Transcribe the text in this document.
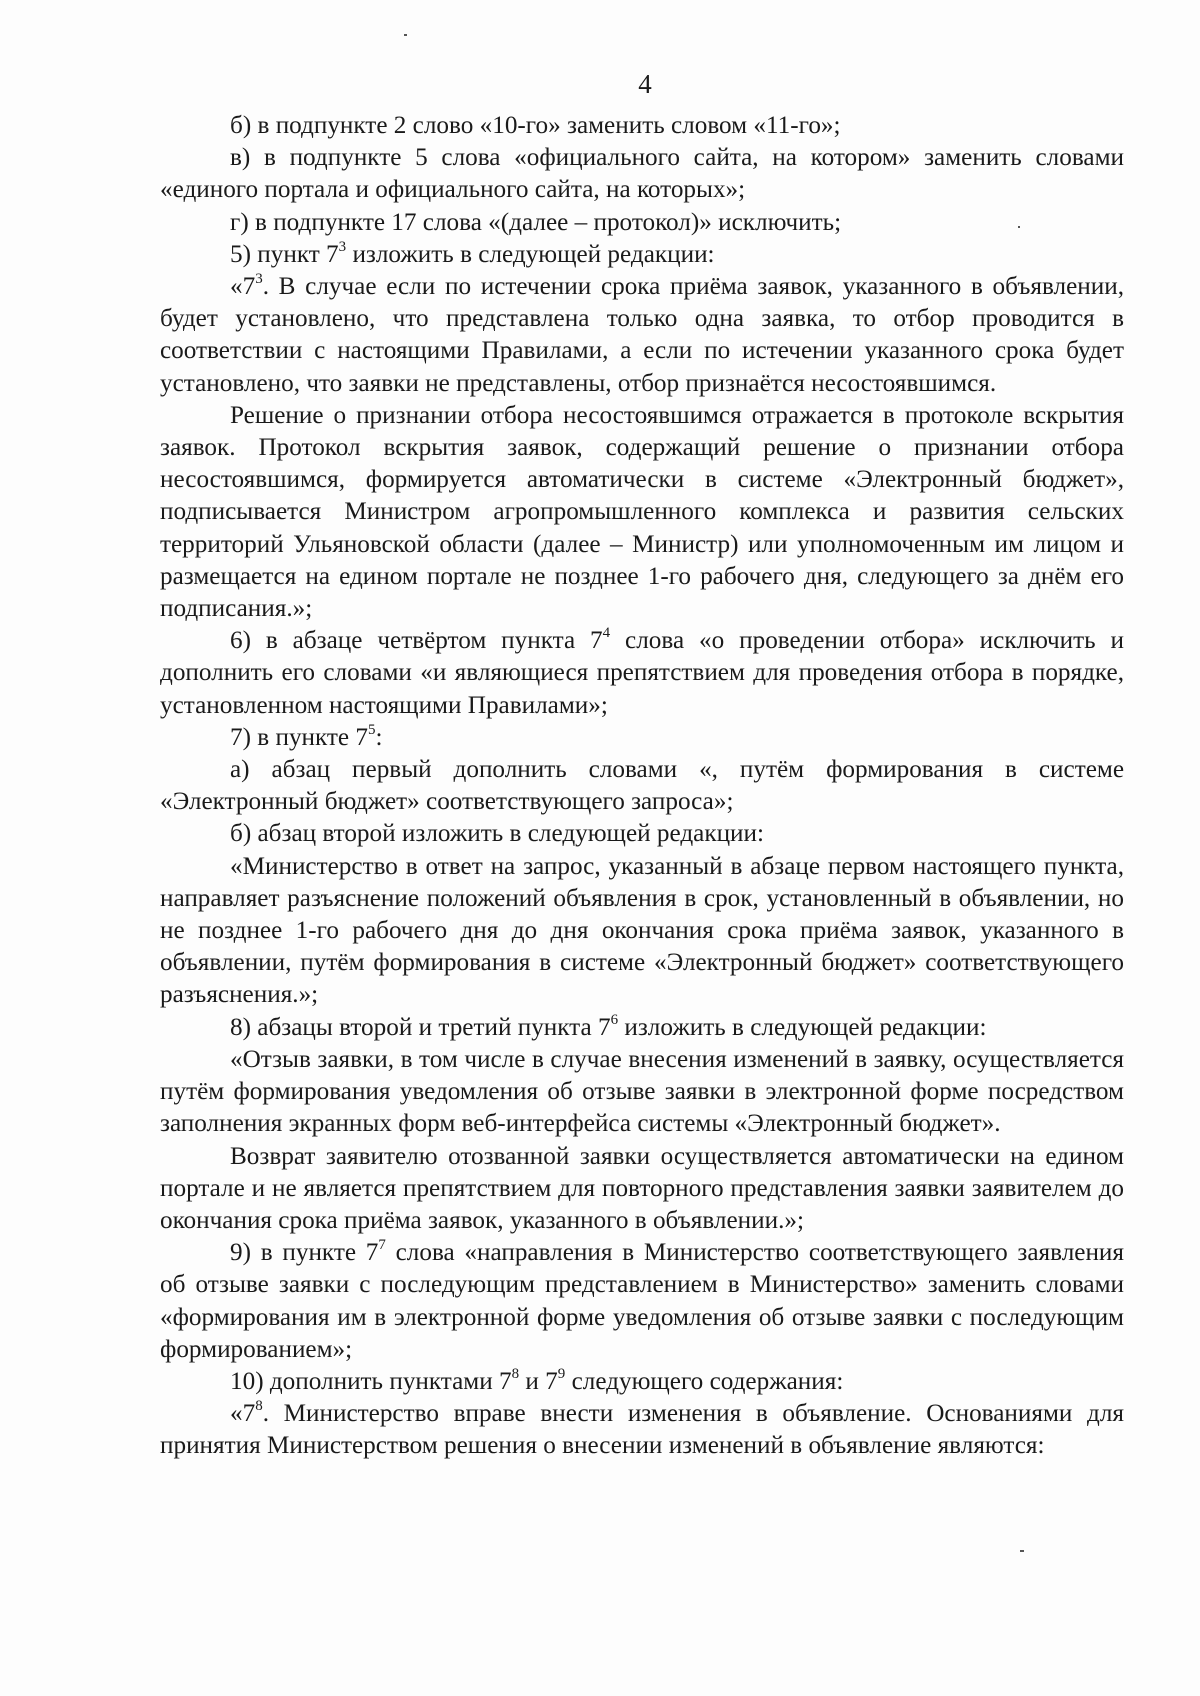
4

б) в подпункте 2 слово «10-го» заменить словом «11-го»;

в) в подпункте 5 слова «официального сайта, на котором» заменить словами «единого портала и официального сайта, на которых»;

г) в подпункте 17 слова «(далее – протокол)» исключить;

5) пункт $7^3$ изложить в следующей редакции:

«$7^3$. В случае если по истечении срока приёма заявок, указанного в объявлении, будет установлено, что представлена только одна заявка, то отбор проводится в соответствии с настоящими Правилами, а если по истечении указанного срока будет установлено, что заявки не представлены, отбор признаётся несостоявшимся.

Решение о признании отбора несостоявшимся отражается в протоколе вскрытия заявок. Протокол вскрытия заявок, содержащий решение о признании отбора несостоявшимся, формируется автоматически в системе «Электронный бюджет», подписывается Министром агропромышленного комплекса и развития сельских территорий Ульяновской области (далее – Министр) или уполномоченным им лицом и размещается на едином портале не позднее 1-го рабочего дня, следующего за днём его подписания.»;

6) в абзаце четвёртом пункта $7^4$ слова «о проведении отбора» исключить и дополнить его словами «и являющиеся препятствием для проведения отбора в порядке, установленном настоящими Правилами»;

7) в пункте $7^5$:

а) абзац первый дополнить словами «, путём формирования в системе «Электронный бюджет» соответствующего запроса»;

б) абзац второй изложить в следующей редакции:

«Министерство в ответ на запрос, указанный в абзаце первом настоящего пункта, направляет разъяснение положений объявления в срок, установленный в объявлении, но не позднее 1-го рабочего дня до дня окончания срока приёма заявок, указанного в объявлении, путём формирования в системе «Электронный бюджет» соответствующего разъяснения.»;

8) абзацы второй и третий пункта $7^6$ изложить в следующей редакции:

«Отзыв заявки, в том числе в случае внесения изменений в заявку, осуществляется путём формирования уведомления об отзыве заявки в электронной форме посредством заполнения экранных форм веб-интерфейса системы «Электронный бюджет».

Возврат заявителю отозванной заявки осуществляется автоматически на едином портале и не является препятствием для повторного представления заявки заявителем до окончания срока приёма заявок, указанного в объявлении.»;

9) в пункте $7^7$ слова «направления в Министерство соответствующего заявления об отзыве заявки с последующим представлением в Министерство» заменить словами «формирования им в электронной форме уведомления об отзыве заявки с последующим формированием»;

10) дополнить пунктами $7^8$ и $7^9$ следующего содержания:

«$7^8$. Министерство вправе внести изменения в объявление. Основаниями для принятия Министерством решения о внесении изменений в объявление являются:
